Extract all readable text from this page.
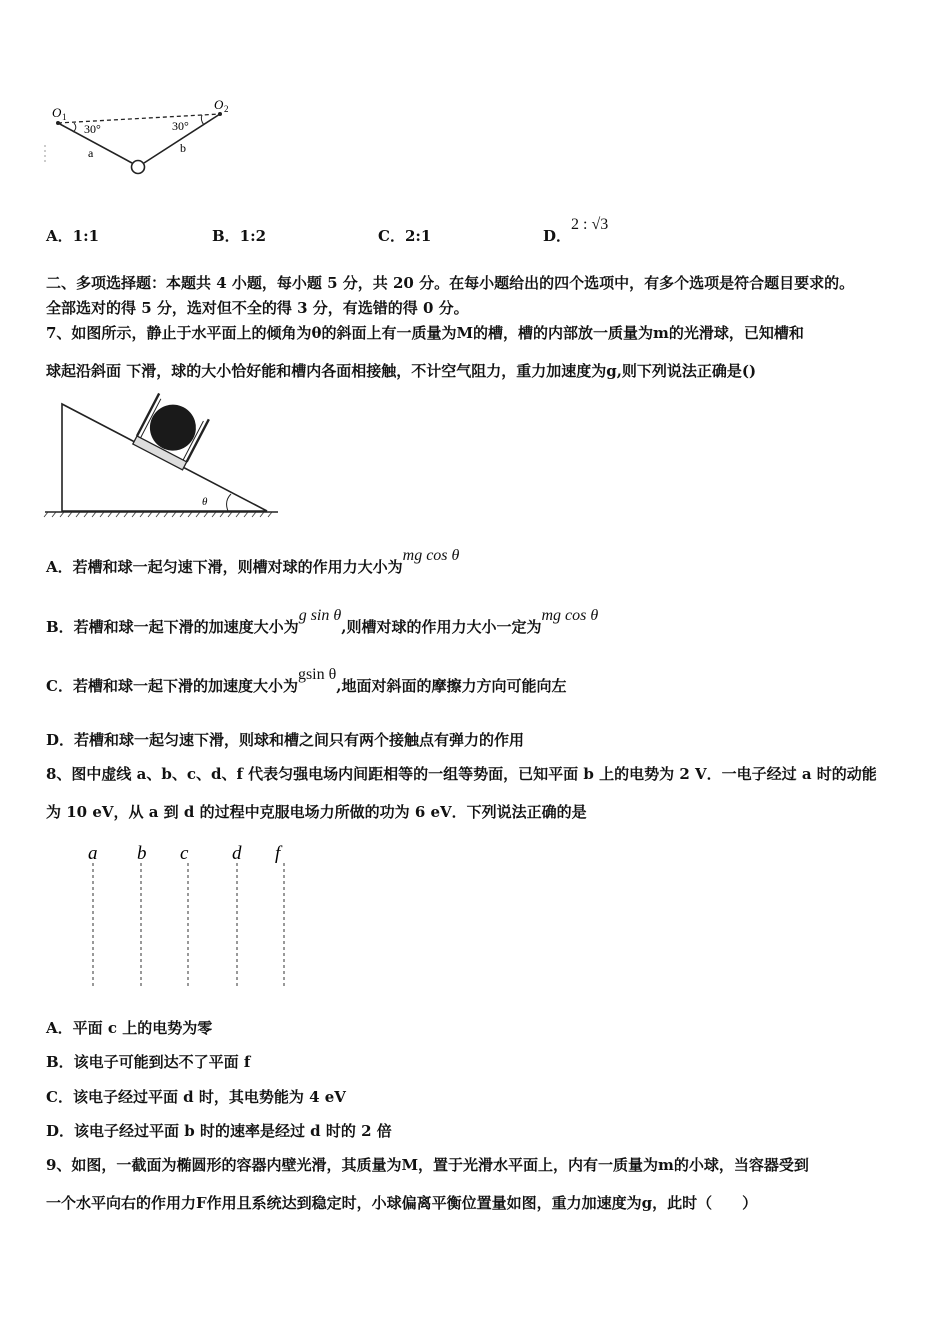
O 1
O 2
30°	30°
a	b
A．1:1	B．1:2	C．2:1	D．2 : √3
二、多项选择题：本题共 4 小题，每小题 5 分，共 20 分。在每小题给出的四个选项中，有多个选项是符合题目要求的。
全部选对的得 5 分，选对但不全的得 3 分，有选错的得 0 分。
7、如图所示，静止于水平面上的倾角为θ的斜面上有一质量为M的槽，槽的内部放一质量为m的光滑球，已知槽和
球起沿斜面 下滑，球的大小恰好能和槽内各面相接触，不计空气阻力，重力加速度为g,则下列说法正确是()
θ
A．若槽和球一起匀速下滑，则槽对球的作用力大小为mg cos θ
B．若槽和球一起下滑的加速度大小为g sin θ,则槽对球的作用力大小一定为mg cos θ
C．若槽和球一起下滑的加速度大小为gsin θ,地面对斜面的摩擦力方向可能向左
D．若槽和球一起匀速下滑，则球和槽之间只有两个接触点有弹力的作用
8、图中虚线 a、b、c、d、f 代表匀强电场内间距相等的一组等势面，已知平面 b 上的电势为 2 V．一电子经过 a 时的动能
为 10 eV，从 a 到 d 的过程中克服电场力所做的功为 6 eV．下列说法正确的是
a b c d f
A．平面 c 上的电势为零
B．该电子可能到达不了平面 f
C．该电子经过平面 d 时，其电势能为 4 eV
D．该电子经过平面 b 时的速率是经过 d 时的 2 倍
9、如图，一截面为椭圆形的容器内壁光滑，其质量为M，置于光滑水平面上，内有一质量为m的小球，当容器受到
一个水平向右的作用力F作用且系统达到稳定时，小球偏离平衡位置量如图，重力加速度为g，此时（　　）
